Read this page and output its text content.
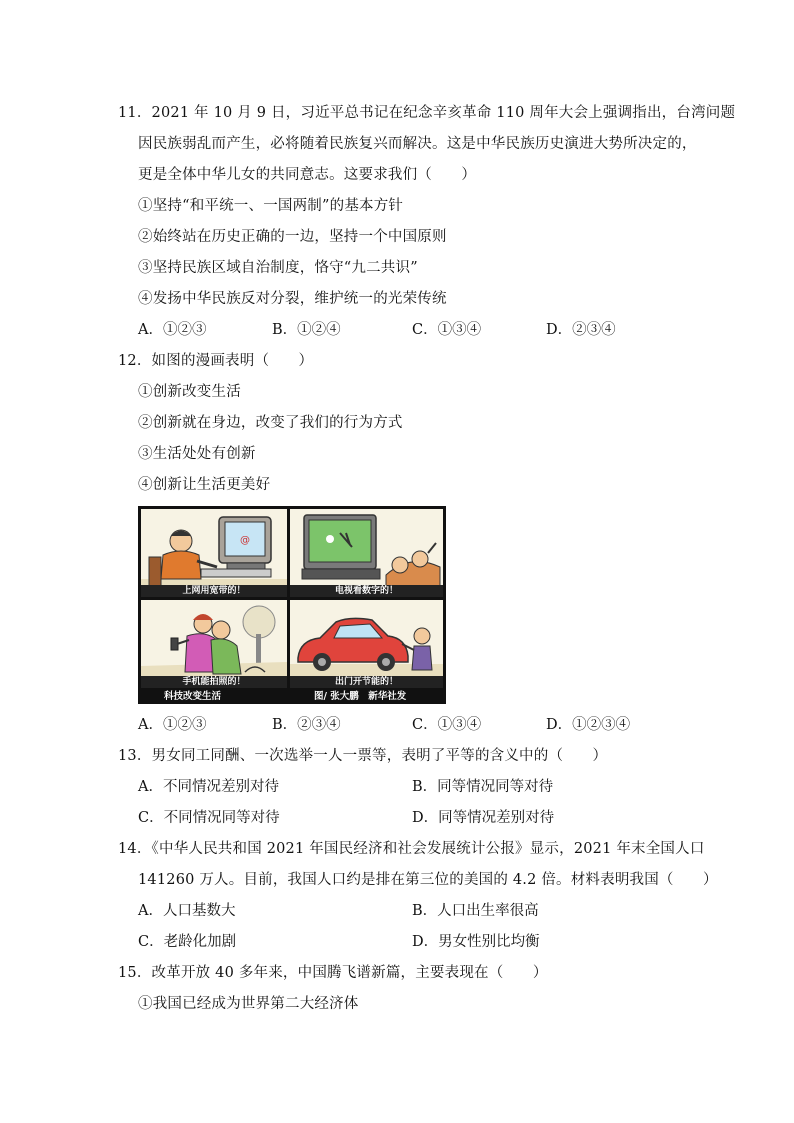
11．2021 年 10 月 9 日，习近平总书记在纪念辛亥革命 110 周年大会上强调指出，台湾问题
因民族弱乱而产生，必将随着民族复兴而解决。这是中华民族历史演进大势所决定的，
更是全体中华儿女的共同意志。这要求我们（　　）
①坚持“和平统一、一国两制”的基本方针
②始终站在历史正确的一边，坚持一个中国原则
③坚持民族区域自治制度，恪守“九二共识”
④发扬中华民族反对分裂，维护统一的光荣传统
A．①②③	B．①②④	C．①③④	D．②③④
12．如图的漫画表明（　　）
①创新改变生活
②创新就在身边，改变了我们的行为方式
③生活处处有创新
④创新让生活更美好
@
上网用宽带的！	电视看数字的！
手机能拍照的！	出门开节能的！
科技改变生活	图/ 张大鹏　新华社发
A．①②③	B．②③④	C．①③④	D．①②③④
13．男女同工同酬、一次选举一人一票等，表明了平等的含义中的（　　）
A．不同情况差别对待	B．同等情况同等对待
C．不同情况同等对待	D．同等情况差别对待
14．《中华人民共和国 2021 年国民经济和社会发展统计公报》显示，2021 年末全国人口
141260 万人。目前，我国人口约是排在第三位的美国的 4.2 倍。材料表明我国（　　）
A．人口基数大	B．人口出生率很高
C．老龄化加剧	D．男女性别比均衡
15．改革开放 40 多年来，中国腾飞谱新篇，主要表现在（　　）
①我国已经成为世界第二大经济体
